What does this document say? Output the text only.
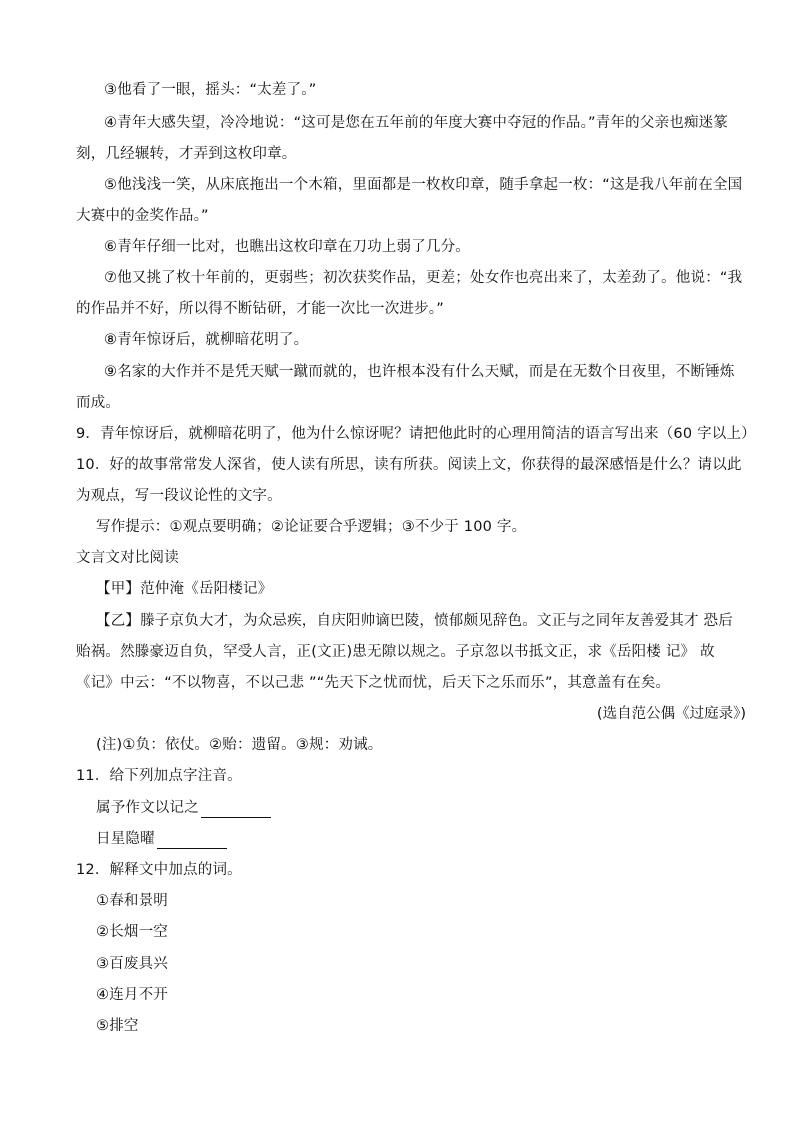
③他看了一眼，摇头：“太差了。”
④青年大感失望，冷冷地说：“这可是您在五年前的年度大赛中夺冠的作品。”青年的父亲也痴迷篆
刻，几经辗转，才弄到这枚印章。
⑤他浅浅一笑，从床底拖出一个木箱，里面都是一枚枚印章，随手拿起一枚：“这是我八年前在全国
大赛中的金奖作品。”
⑥青年仔细一比对，也瞧出这枚印章在刀功上弱了几分。
⑦他又挑了枚十年前的，更弱些；初次获奖作品，更差；处女作也亮出来了，太差劲了。他说：“我
的作品并不好，所以得不断钻研，才能一次比一次进步。”
⑧青年惊讶后，就柳暗花明了。
⑨名家的大作并不是凭天赋一蹴而就的，也许根本没有什么天赋，而是在无数个日夜里，不断锤炼
而成。
9．青年惊讶后，就柳暗花明了，他为什么惊讶呢？请把他此时的心理用简洁的语言写出来（60 字以上）
10．好的故事常常发人深省，使人读有所思，读有所获。阅读上文，你获得的最深感悟是什么？请以此
为观点，写一段议论性的文字。
写作提示：①观点要明确；②论证要合乎逻辑；③不少于 100 字。
文言文对比阅读
【甲】范仲淹《岳阳楼记》
【乙】滕子京负大才，为众忌疾，自庆阳帅谪巴陵，愤郁颇见辞色。文正与之同年友善爱其才 恐后
贻祸。然滕豪迈自负，罕受人言，正(文正)患无隙以规之。子京忽以书抵文正，求《岳阳楼 记》 故
《记》中云：“不以物喜，不以己悲 ”“先天下之忧而忧，后天下之乐而乐”，其意盖有在矣。
(选自范公偶《过庭录》)
(注)①负：依仗。②贻：遗留。③规：劝诫。
11．给下列加点字注音。
属予作文以记之
日星隐曜
12．解释文中加点的词。
①春和景明
②长烟一空
③百废具兴
④连月不开
⑤排空
